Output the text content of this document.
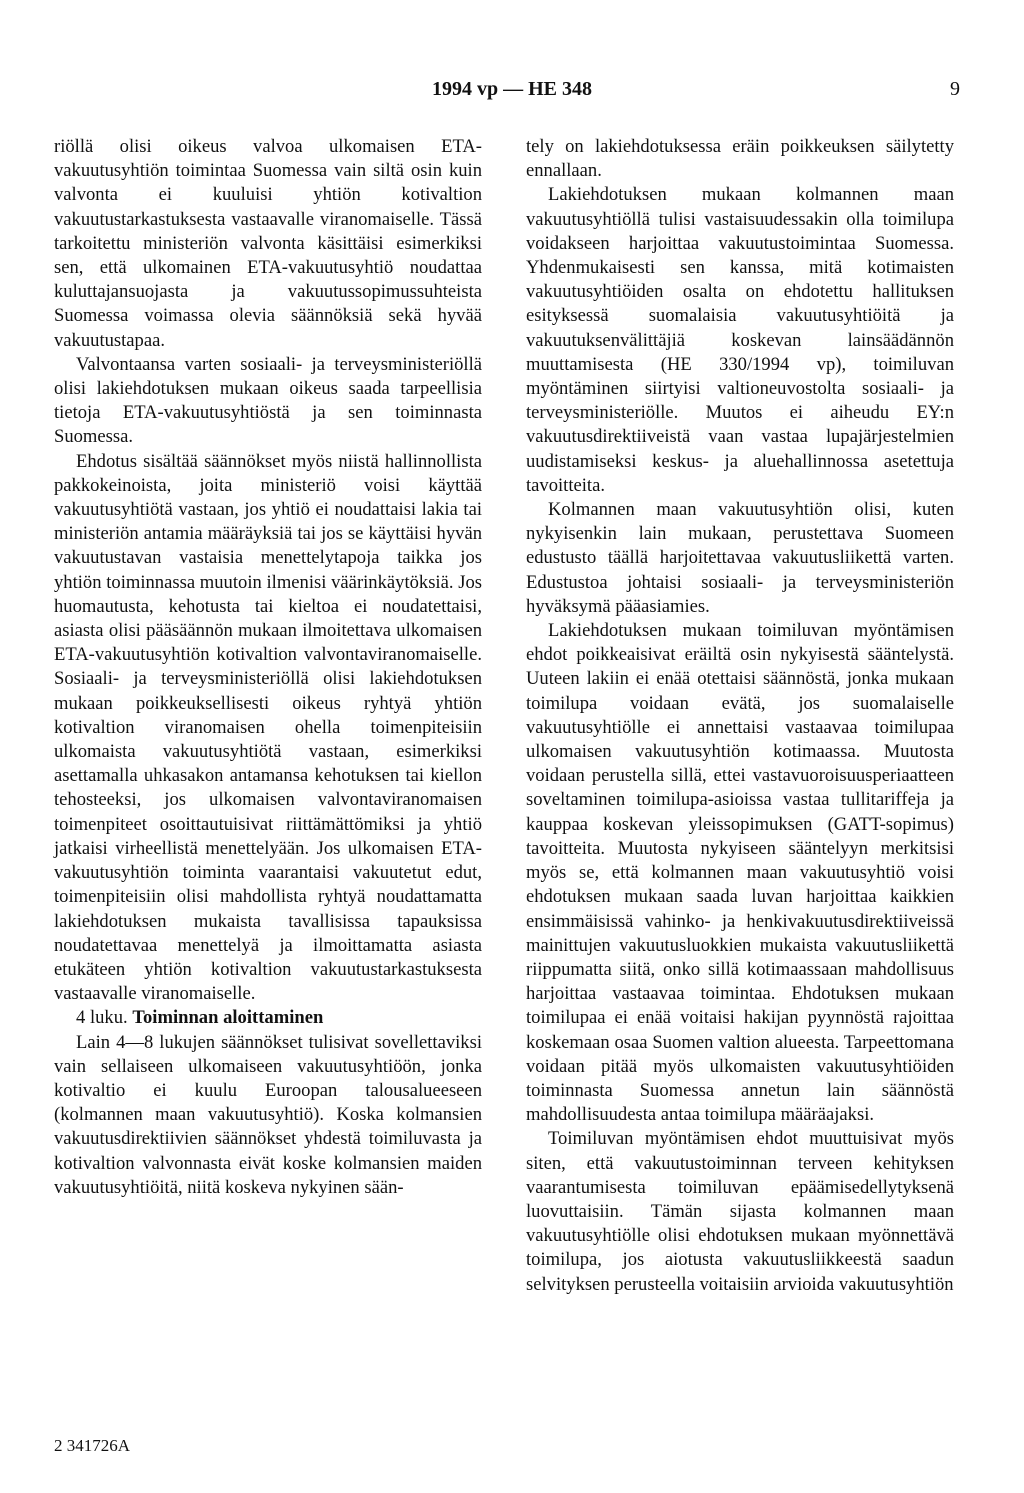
1994 vp — HE 348	9

riöllä olisi oikeus valvoa ulkomaisen ETA-vakuutusyhtiön toimintaa Suomessa vain siltä osin kuin valvonta ei kuuluisi yhtiön kotivaltion vakuutustarkastuksesta vastaavalle viranomaiselle. Tässä tarkoitettu ministeriön valvonta käsittäisi esimerkiksi sen, että ulkomainen ETA-vakuutusyhtiö noudattaa kuluttajansuojasta ja vakuutussopimussuhteista Suomessa voimassa olevia säännöksiä sekä hyvää vakuutustapaa.

Valvontaansa varten sosiaali- ja terveysministeriöllä olisi lakiehdotuksen mukaan oikeus saada tarpeellisia tietoja ETA-vakuutusyhtiöstä ja sen toiminnasta Suomessa.

Ehdotus sisältää säännökset myös niistä hallinnollista pakkokeinoista, joita ministeriö voisi käyttää vakuutusyhtiötä vastaan, jos yhtiö ei noudattaisi lakia tai ministeriön antamia määräyksiä tai jos se käyttäisi hyvän vakuutustavan vastaisia menettelytapoja taikka jos yhtiön toiminnassa muutoin ilmenisi väärinkäytöksiä. Jos huomautusta, kehotusta tai kieltoa ei noudatettaisi, asiasta olisi pääsäännön mukaan ilmoitettava ulkomaisen ETA-vakuutusyhtiön kotivaltion valvontaviranomaiselle. Sosiaali- ja terveysministeriöllä olisi lakiehdotuksen mukaan poikkeuksellisesti oikeus ryhtyä yhtiön kotivaltion viranomaisen ohella toimenpiteisiin ulkomaista vakuutusyhtiötä vastaan, esimerkiksi asettamalla uhkasakon antamansa kehotuksen tai kiellon tehosteeksi, jos ulkomaisen valvontaviranomaisen toimenpiteet osoittautuisivat riittämättömiksi ja yhtiö jatkaisi virheellistä menettelyään. Jos ulkomaisen ETA-vakuutusyhtiön toiminta vaarantaisi vakuutetut edut, toimenpiteisiin olisi mahdollista ryhtyä noudattamatta lakiehdotuksen mukaista tavallisissa tapauksissa noudatettavaa menettelyä ja ilmoittamatta asiasta etukäteen yhtiön kotivaltion vakuutustarkastuksesta vastaavalle viranomaiselle.

4 luku. Toiminnan aloittaminen

Lain 4—8 lukujen säännökset tulisivat sovellettaviksi vain sellaiseen ulkomaiseen vakuutusyhtiöön, jonka kotivaltio ei kuulu Euroopan talousalueeseen (kolmannen maan vakuutusyhtiö). Koska kolmansien vakuutusdirektiivien säännökset yhdestä toimiluvasta ja kotivaltion valvonnasta eivät koske kolmansien maiden vakuutusyhtiöitä, niitä koskeva nykyinen sään-

tely on lakiehdotuksessa eräin poikkeuksen säilytetty ennallaan.

Lakiehdotuksen mukaan kolmannen maan vakuutusyhtiöllä tulisi vastaisuudessakin olla toimilupa voidakseen harjoittaa vakuutustoimintaa Suomessa. Yhdenmukaisesti sen kanssa, mitä kotimaisten vakuutusyhtiöiden osalta on ehdotettu hallituksen esityksessä suomalaisia vakuutusyhtiöitä ja vakuutuksenvälittäjiä koskevan lainsäädännön muuttamisesta (HE 330/1994 vp), toimiluvan myöntäminen siirtyisi valtioneuvostolta sosiaali- ja terveysministeriölle. Muutos ei aiheudu EY:n vakuutusdirektiiveistä vaan vastaa lupajärjestelmien uudistamiseksi keskus- ja aluehallinnossa asetettuja tavoitteita.

Kolmannen maan vakuutusyhtiön olisi, kuten nykyisenkin lain mukaan, perustettava Suomeen edustusto täällä harjoitettavaa vakuutusliikettä varten. Edustustoa johtaisi sosiaali- ja terveysministeriön hyväksymä pääasiamies.

Lakiehdotuksen mukaan toimiluvan myöntämisen ehdot poikkeaisivat eräiltä osin nykyisestä sääntelystä. Uuteen lakiin ei enää otettaisi säännöstä, jonka mukaan toimilupa voidaan evätä, jos suomalaiselle vakuutusyhtiölle ei annettaisi vastaavaa toimilupaa ulkomaisen vakuutusyhtiön kotimaassa. Muutosta voidaan perustella sillä, ettei vastavuoroisuusperiaatteen soveltaminen toimilupa-asioissa vastaa tullitariffeja ja kauppaa koskevan yleissopimuksen (GATT-sopimus) tavoitteita. Muutosta nykyiseen sääntelyyn merkitsisi myös se, että kolmannen maan vakuutusyhtiö voisi ehdotuksen mukaan saada luvan harjoittaa kaikkien ensimmäisissä vahinko- ja henkivakuutusdirektiiveissä mainittujen vakuutusluokkien mukaista vakuutusliikettä riippumatta siitä, onko sillä kotimaassaan mahdollisuus harjoittaa vastaavaa toimintaa. Ehdotuksen mukaan toimilupaa ei enää voitaisi hakijan pyynnöstä rajoittaa koskemaan osaa Suomen valtion alueesta. Tarpeettomana voidaan pitää myös ulkomaisten vakuutusyhtiöiden toiminnasta Suomessa annetun lain säännöstä mahdollisuudesta antaa toimilupa määräajaksi.

Toimiluvan myöntämisen ehdot muuttuisivat myös siten, että vakuutustoiminnan terveen kehityksen vaarantumisesta toimiluvan epäämisedellytyksenä luovuttaisiin. Tämän sijasta kolmannen maan vakuutusyhtiölle olisi ehdotuksen mukaan myönnettävä toimilupa, jos aiotusta vakuutusliikkeestä saadun selvityksen perusteella voitaisiin arvioida vakuutusyhtiön

2 341726A
